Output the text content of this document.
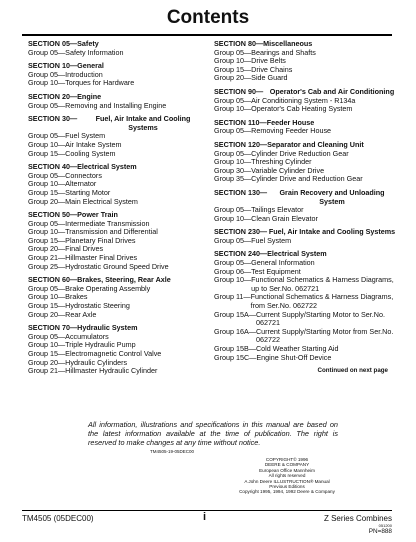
Contents
SECTION 05—Safety
Group 05— Safety Information
SECTION 10—General
Group 05— Introduction
Group 10— Torques for Hardware
SECTION 20—Engine
Group 05— Removing and Installing Engine
SECTION 30—	Fuel, Air Intake and Cooling Systems
Group 05— Fuel System
Group 10— Air Intake System
Group 15— Cooling System
SECTION 40—Electrical System
Group 05— Connectors
Group 10— Alternator
Group 15— Starting Motor
Group 20— Main Electrical System
SECTION 50—Power Train
Group 05— Intermediate Transmission
Group 10— Transmission and Differential
Group 15— Planetary Final Drives
Group 20— Final Drives
Group 21— Hillmaster Final Drives
Group 25— Hydrostatic Ground Speed Drive
SECTION 60—Brakes, Steering, Rear Axle
Group 05— Brake Operating Assembly
Group 10— Brakes
Group 15— Hydrostatic Steering
Group 20— Rear Axle
SECTION 70—Hydraulic System
Group 05— Accumulators
Group 10— Triple Hydraulic Pump
Group 15— Electromagnetic Control Valve
Group 20— Hydraulic Cylinders
Group 21— Hillmaster Hydraulic Cylinder
SECTION 80—Miscellaneous
Group 05— Bearings and Shafts
Group 10— Drive Belts
Group 15— Drive Chains
Group 20— Side Guard
SECTION 90— Operator's Cab and Air Conditioning
Group 05— Air Conditioning System - R134a
Group 10— Operator's Cab Heating System
SECTION 110—Feeder House
Group 05— Removing Feeder House
SECTION 120—Separator and Cleaning Unit
Group 05— Cylinder Drive Reduction Gear
Group 10— Threshing Cylinder
Group 30— Variable Cylinder Drive
Group 35— Cylinder Drive and Reduction Gear
SECTION 130—	Grain Recovery and Unloading System
Group 05— Tailings Elevator
Group 10— Clean Grain Elevator
SECTION 230— Fuel, Air Intake and Cooling Systems
Group 05— Fuel System
SECTION 240—Electrical System
Group 05— General Information
Group 06— Test Equipment
Group 10— Functional Schematics & Harness Diagrams, up to Ser.No. 062721
Group 11— Functional Schematics & Harness Diagrams, from Ser.No. 062722
Group 15A— Current Supply/Starting Motor to Ser.No. 062721
Group 16A— Current Supply/Starting Motor from Ser.No. 062722
Group 15B— Cold Weather Starting Aid
Group 15C— Engine Shut-Off Device
Continued on next page
All information, illustrations and specifications in this manual are based on the latest information available at the time of publication. The right is reserved to make changes at any time without notice.
TM4505-19-05DEC00
COPYRIGHT© 1996
DEERE & COMPANY
European Office Mannheim
All rights reserved
A John Deere ILLUSTRUCTION® Manual
Previous Editions
Copyright 1995, 1994, 1992 Deere & Company
TM4505 (05DEC00)	i	Z Series Combines
051200
PN=888
